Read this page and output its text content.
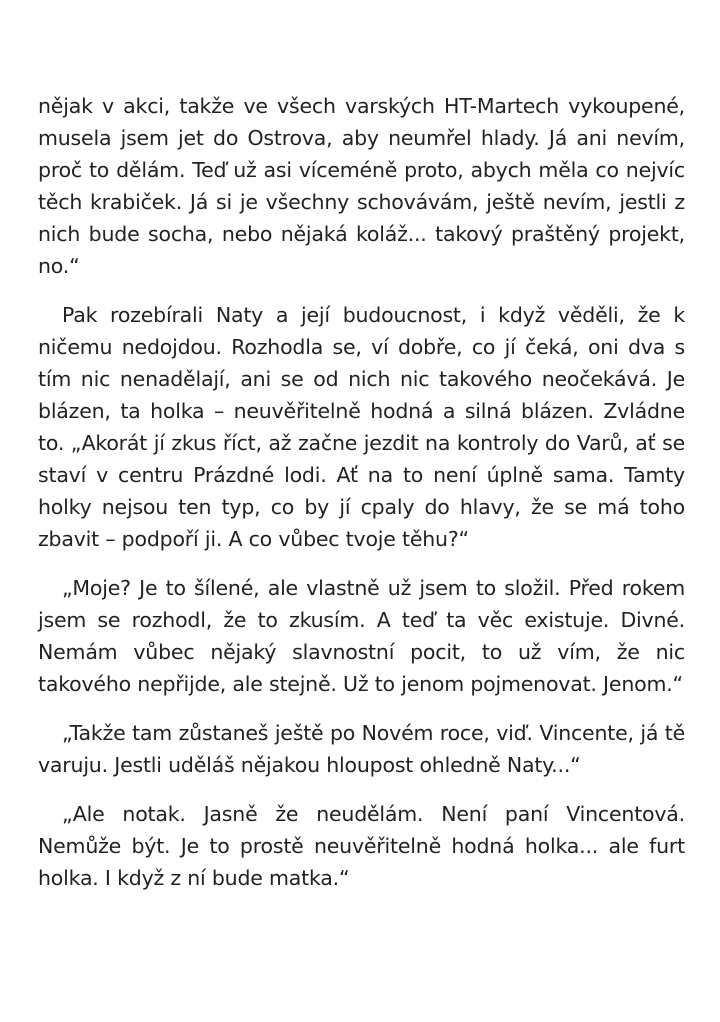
nějak v akci, takže ve všech varských HT-Martech vykoupené, musela jsem jet do Ostrova, aby neumřel hlady. Já ani nevím, proč to dělám. Teď už asi víceméně proto, abych měla co nejvíc těch krabiček. Já si je všechny schovávám, ještě nevím, jestli z nich bude socha, nebo nějaká koláž... takový praštěný projekt, no.“

Pak rozebírali Naty a její budoucnost, i když věděli, že k ničemu nedojdou. Rozhodla se, ví dobře, co jí čeká, oni dva s tím nic nenadělají, ani se od nich nic takového neočekává. Je blázen, ta holka – neuvěřitelně hodná a silná blázen. Zvládne to. „Akorát jí zkus říct, až začne jezdit na kontroly do Varů, ať se staví v centru Prázdné lodi. Ať na to není úplně sama. Tamty holky nejsou ten typ, co by jí cpaly do hlavy, že se má toho zbavit – podpoří ji. A co vůbec tvoje těhu?“

„Moje? Je to šílené, ale vlastně už jsem to složil. Před rokem jsem se rozhodl, že to zkusím. A teď ta věc existuje. Divné. Nemám vůbec nějaký slavnostní pocit, to už vím, že nic takového nepřijde, ale stejně. Už to jenom pojmenovat. Jenom.“

„Takže tam zůstaneš ještě po Novém roce, viď. Vincente, já tě varuju. Jestli uděláš nějakou hloupost ohledně Naty...“

„Ale notak. Jasně že neudělám. Není paní Vincentová. Nemůže být. Je to prostě neuvěřitelně hodná holka... ale furt holka. I když z ní bude matka.“
